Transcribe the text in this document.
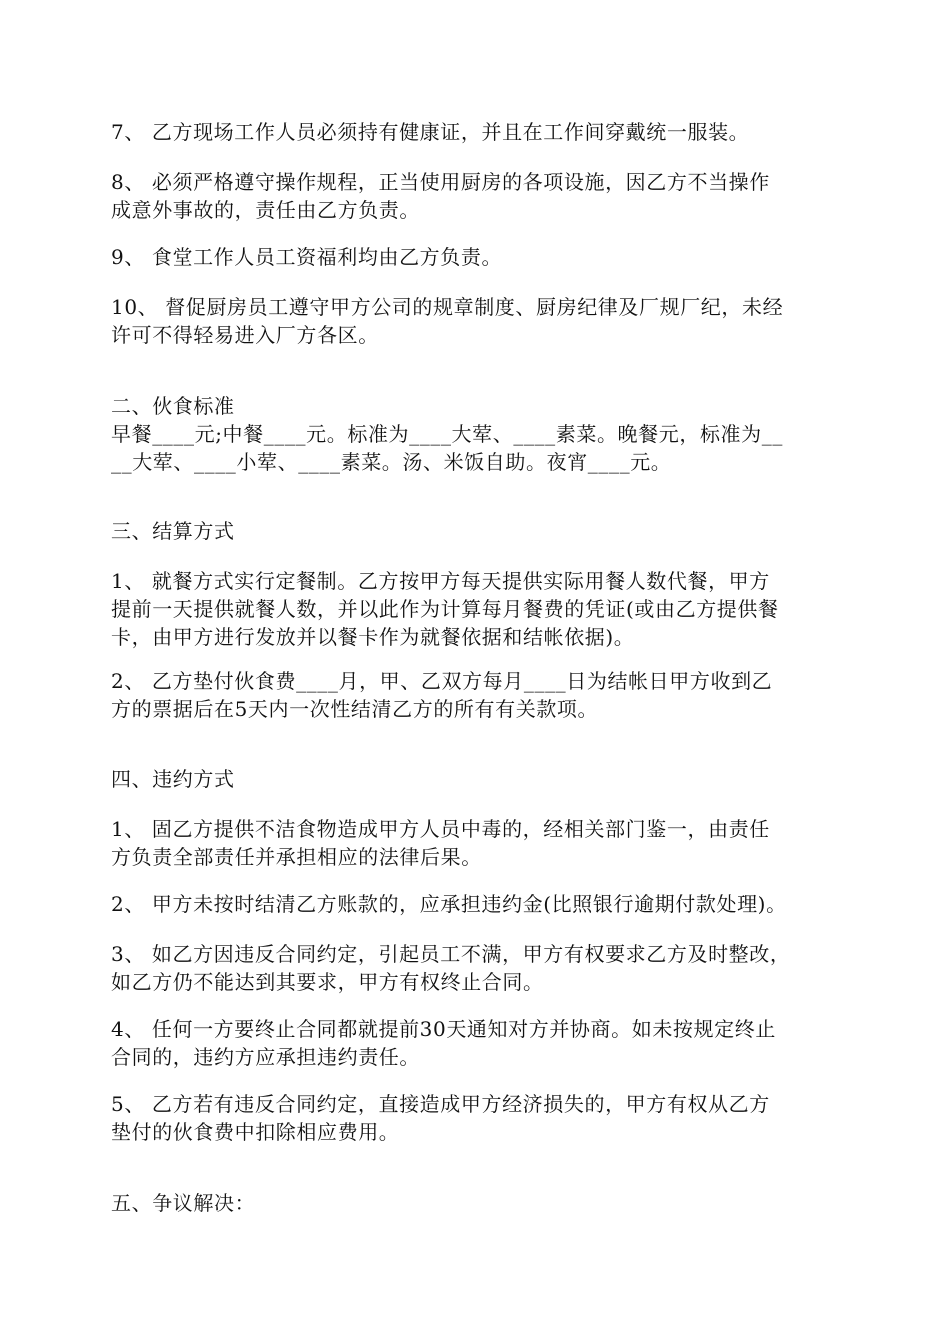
7、 乙方现场工作人员必须持有健康证，并且在工作间穿戴统一服装。
8、 必须严格遵守操作规程，正当使用厨房的各项设施，因乙方不当操作
成意外事故的，责任由乙方负责。
9、 食堂工作人员工资福利均由乙方负责。
10、 督促厨房员工遵守甲方公司的规章制度、厨房纪律及厂规厂纪，未经
许可不得轻易进入厂方各区。
二、伙食标准
早餐____元;中餐____元。标准为____大荤、____素菜。晚餐元，标准为__
__大荤、____小荤、____素菜。汤、米饭自助。夜宵____元。
三、结算方式
1、 就餐方式实行定餐制。乙方按甲方每天提供实际用餐人数代餐，甲方
提前一天提供就餐人数，并以此作为计算每月餐费的凭证(或由乙方提供餐
卡，由甲方进行发放并以餐卡作为就餐依据和结帐依据)。
2、 乙方垫付伙食费____月，甲、乙双方每月____日为结帐日甲方收到乙
方的票据后在5天内一次性结清乙方的所有有关款项。
四、违约方式
1、 固乙方提供不洁食物造成甲方人员中毒的，经相关部门鉴一，由责任
方负责全部责任并承担相应的法律后果。
2、 甲方未按时结清乙方账款的，应承担违约金(比照银行逾期付款处理)。
3、 如乙方因违反合同约定，引起员工不满，甲方有权要求乙方及时整改，
如乙方仍不能达到其要求，甲方有权终止合同。
4、 任何一方要终止合同都就提前30天通知对方并协商。如未按规定终止
合同的，违约方应承担违约责任。
5、 乙方若有违反合同约定，直接造成甲方经济损失的，甲方有权从乙方
垫付的伙食费中扣除相应费用。
五、争议解决：
